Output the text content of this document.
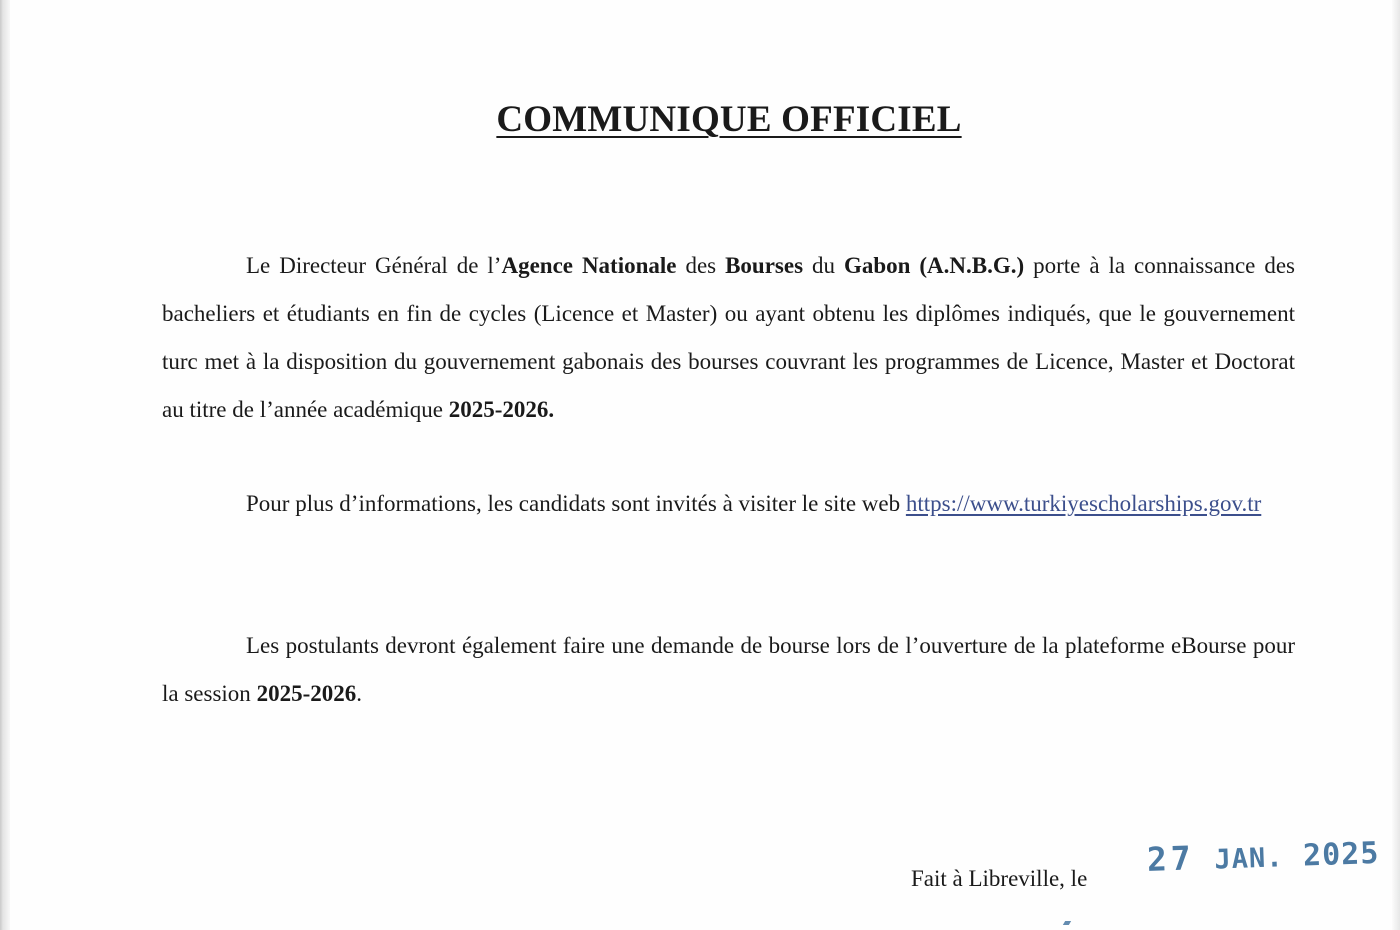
COMMUNIQUE OFFICIEL
Le Directeur Général de l’Agence Nationale des Bourses du Gabon (A.N.B.G.) porte à la connaissance des bacheliers et étudiants en fin de cycles (Licence et Master) ou ayant obtenu les diplômes indiqués, que le gouvernement turc met à la disposition du gouvernement gabonais des bourses couvrant les programmes de Licence, Master et Doctorat au titre de l’année académique 2025-2026.
Pour plus d’informations, les candidats sont invités à visiter le site web https://www.turkiyescholarships.gov.tr
Les postulants devront également faire une demande de bourse lors de l’ouverture de la plateforme eBourse pour la session 2025-2026.
Fait à Libreville, le 27 JAN. 2025
